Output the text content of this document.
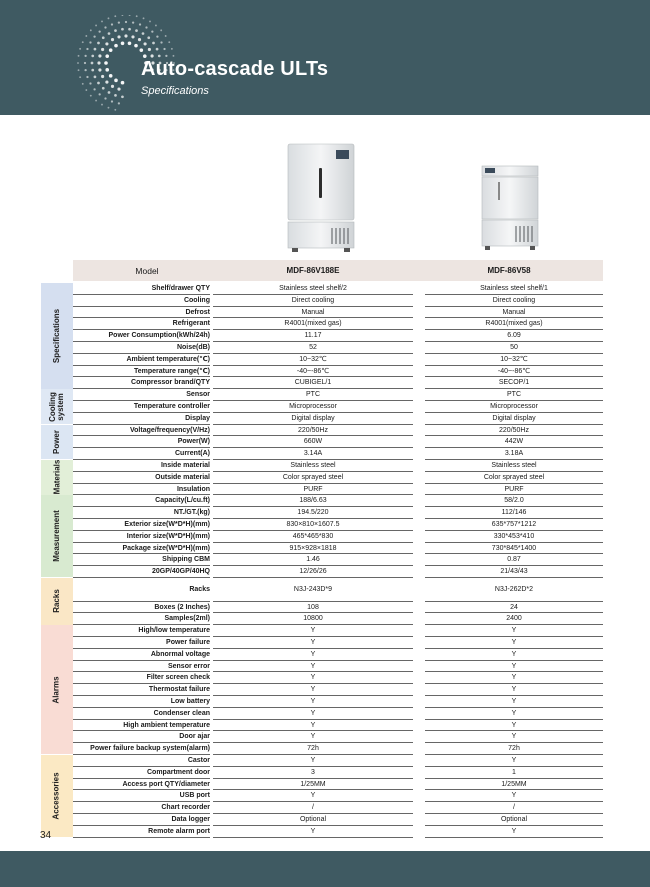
Auto-cascade ULTs
Specifications
Model	MDF-86V188E	MDF-86V58
Shelf/drawer QTY	Stainless steel shelf/2	Stainless steel shelf/1
Cooling	Direct cooling	Direct cooling
Defrost	Manual	Manual
Refrigerant	R4001(mixed gas)	R4001(mixed gas)
Power Consumption(kWh/24h)	11.17	6.09
Noise(dB)	52	50
Ambient temperature(℃)	10~32℃	10~32℃
Temperature range(℃)	-40~-86℃	-40~-86℃
Compressor brand/QTY	CUBIGEL/1	SECOP/1
Specifications
Sensor	PTC	PTC
Temperature controller	Microprocessor	Microprocessor
Display	Digital display	Digital display
Cooling
system
Voltage/frequency(V/Hz)	220/50Hz	220/50Hz
Power(W)	660W	442W
Current(A)	3.14A	3.18A
Power
Inside material	Stainless steel	Stainless steel
Outside material	Color sprayed steel	Color sprayed steel
Insulation	PURF	PURF
Materials
Capacity(L/cu.ft)	188/6.63	58/2.0
NT./GT.(kg)	194.5/220	112/146
Exterior size(W*D*H)(mm)	830×810×1607.5	635*757*1212
Interior size(W*D*H)(mm)	465*465*830	330*453*410
Package size(W*D*H)(mm)	915×928×1818	730*845*1400
Shipping CBM	1.46	0.87
20GP/40GP/40HQ	12/26/26	21/43/43
Measurement
Racks	N3J-243D*9	N3J-262D*2
Boxes (2 Inches)	108	24
Samples(2ml)	10800	2400
Racks
High/low temperature	Y	Y
Power failure	Y	Y
Abnormal voltage	Y	Y
Sensor error	Y	Y
Filter screen check	Y	Y
Thermostat failure	Y	Y
Low battery	Y	Y
Condenser clean	Y	Y
High ambient temperature	Y	Y
Door ajar	Y	Y
Power failure backup system(alarm)	72h	72h
Alarms
Castor	Y	Y
Compartment door	3	1
Access port QTY/diameter	1/25MM	1/25MM
USB port	Y	Y
Chart recorder	/	/
Data logger	Optional	Optional
Remote alarm port	Y	Y
Accessories
34
